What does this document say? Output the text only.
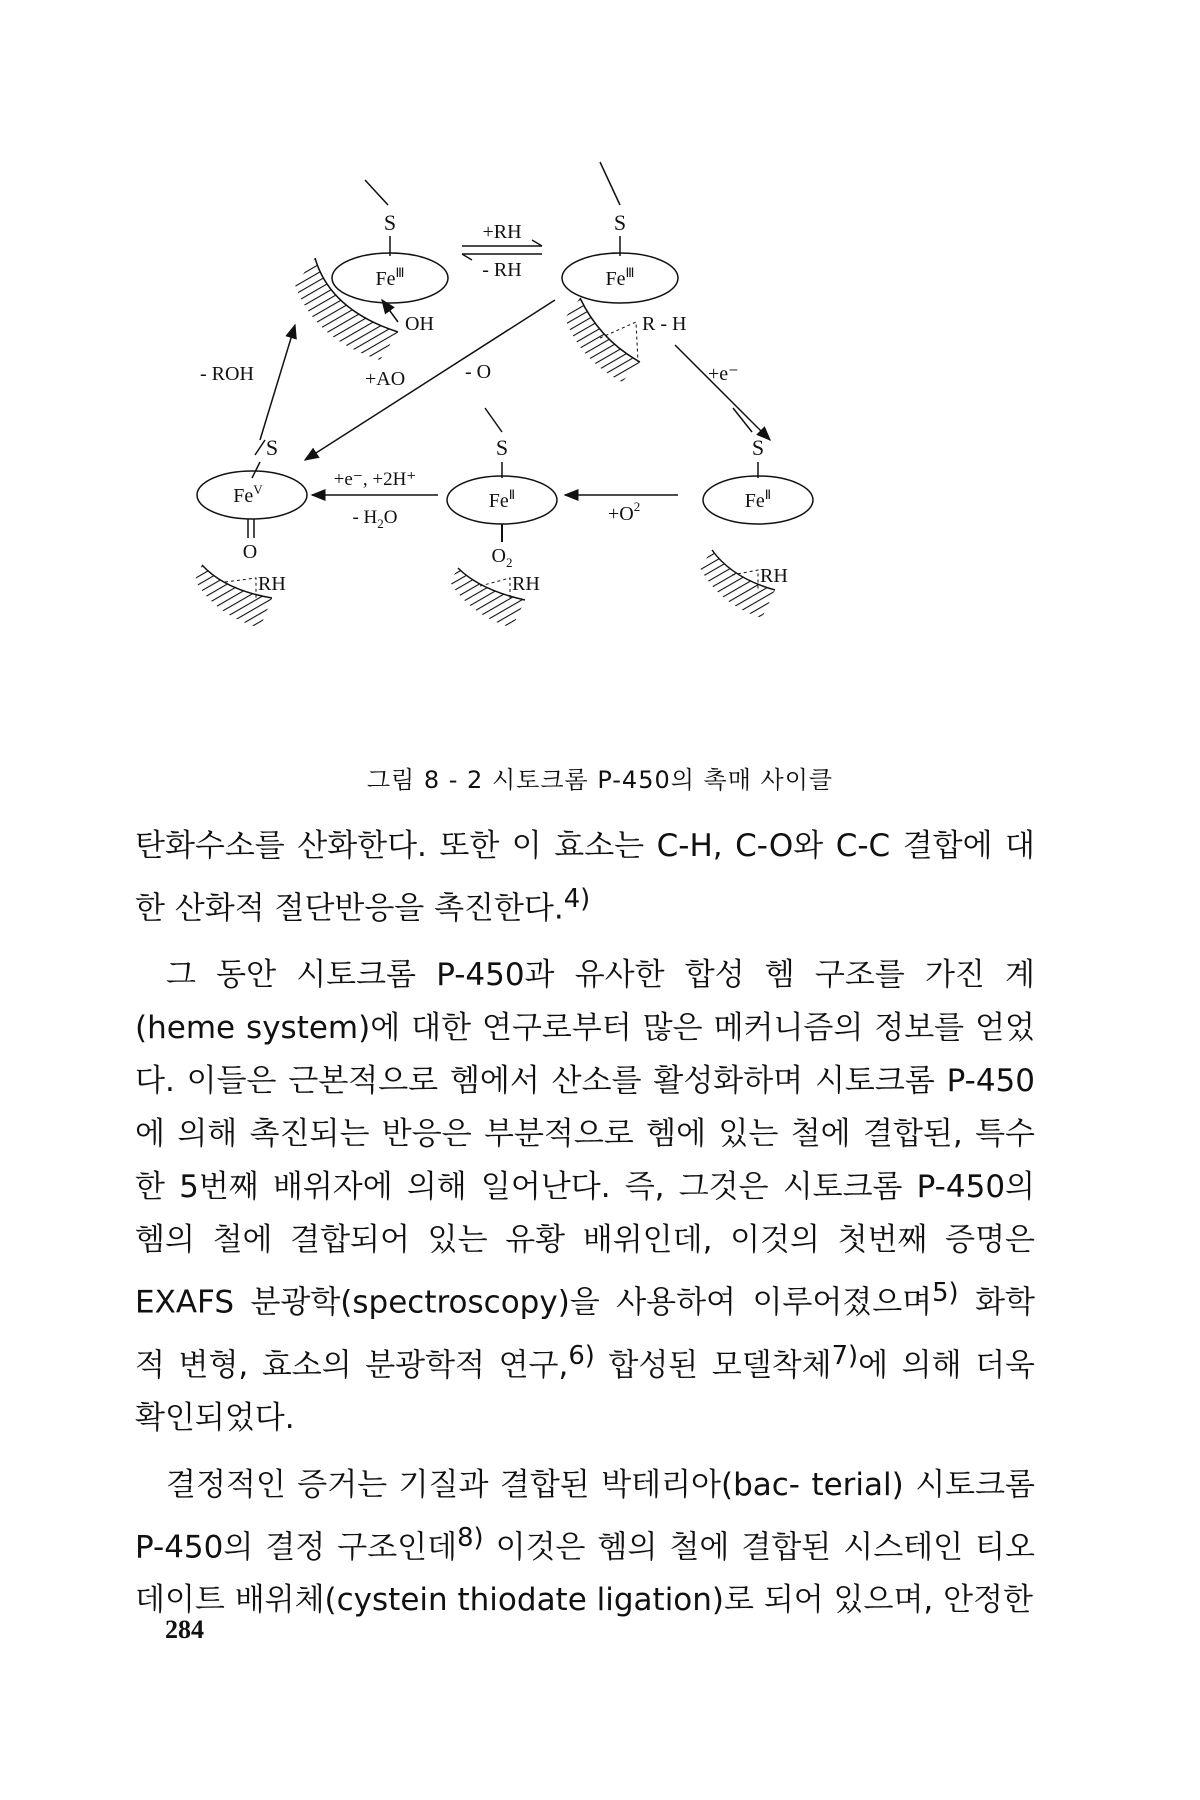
S
$Fe^Ⅲ$
OH
+RH
- RH
S
$Fe^Ⅲ$
R - H
S
$Fe^V$
O
RH
S
$Fe^Ⅱ$
$O_2$
RH
S
$Fe^Ⅱ$
RH
+e⁻
$+O^2$
+e⁻, +2H⁺
- $H_2O$
- ROH	+AO	- O
그림 8 - 2 시토크롬 P-450의 촉매 사이클

탄화수소를 산화한다. 또한 이 효소는 C-H, C-O와 C-C 결합에 대한 산화적 절단반응을 촉진한다.$^{4)}$

그 동안 시토크롬 P-450과 유사한 합성 헴 구조를 가진 계(heme system)에 대한 연구로부터 많은 메커니즘의 정보를 얻었다. 이들은 근본적으로 헴에서 산소를 활성화하며 시토크롬 P-450에 의해 촉진되는 반응은 부분적으로 헴에 있는 철에 결합된, 특수한 5번째 배위자에 의해 일어난다. 즉, 그것은 시토크롬 P-450의 헴의 철에 결합되어 있는 유황 배위인데, 이것의 첫번째 증명은 EXAFS 분광학(spectroscopy)을 사용하여 이루어졌으며$^{5)}$ 화학적 변형, 효소의 분광학적 연구,$^{6)}$ 합성된 모델착체$^{7)}$에 의해 더욱 확인되었다.

결정적인 증거는 기질과 결합된 박테리아(bac- terial) 시토크롬 P-450의 결정 구조인데$^{8)}$ 이것은 헴의 철에 결합된 시스테인 티오데이트 배위체(cystein thiodate ligation)로 되어 있으며, 안정한

284
